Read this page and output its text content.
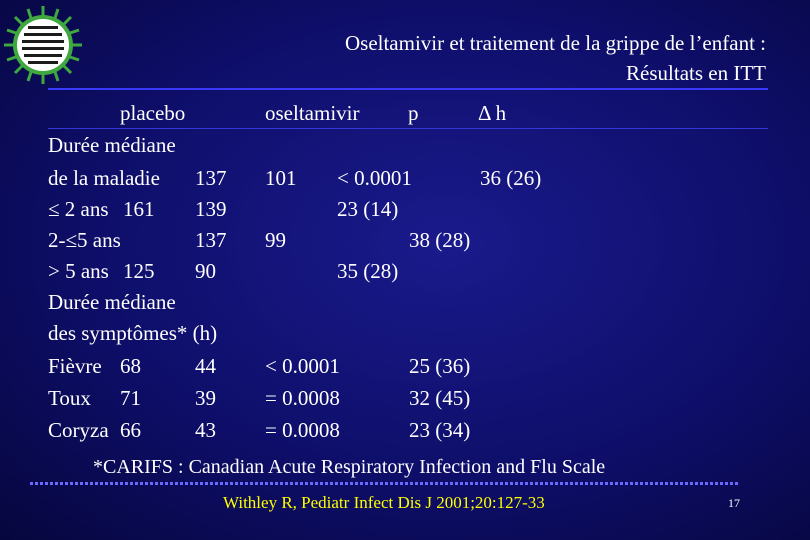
Oseltamivir et traitement de la grippe de l’enfant :
Résultats en ITT
placebo	oseltamivir p	Δ h
Durée médiane
de la maladie 137 101 < 0.0001	36 (26)
≤ 2 ans 161 139	23 (14)
2-≤5 ans	137 99	38 (28)
> 5 ans 125 90	35 (28)
Durée médiane
des symptômes* (h)
Fièvre 68	44 < 0.0001	25 (36)
Toux 71	39 = 0.0008	32 (45)
Coryza 66	43 = 0.0008	23 (34)
*CARIFS : Canadian Acute Respiratory Infection and Flu Scale
Withley R, Pediatr Infect Dis J 2001;20:127-33	17
